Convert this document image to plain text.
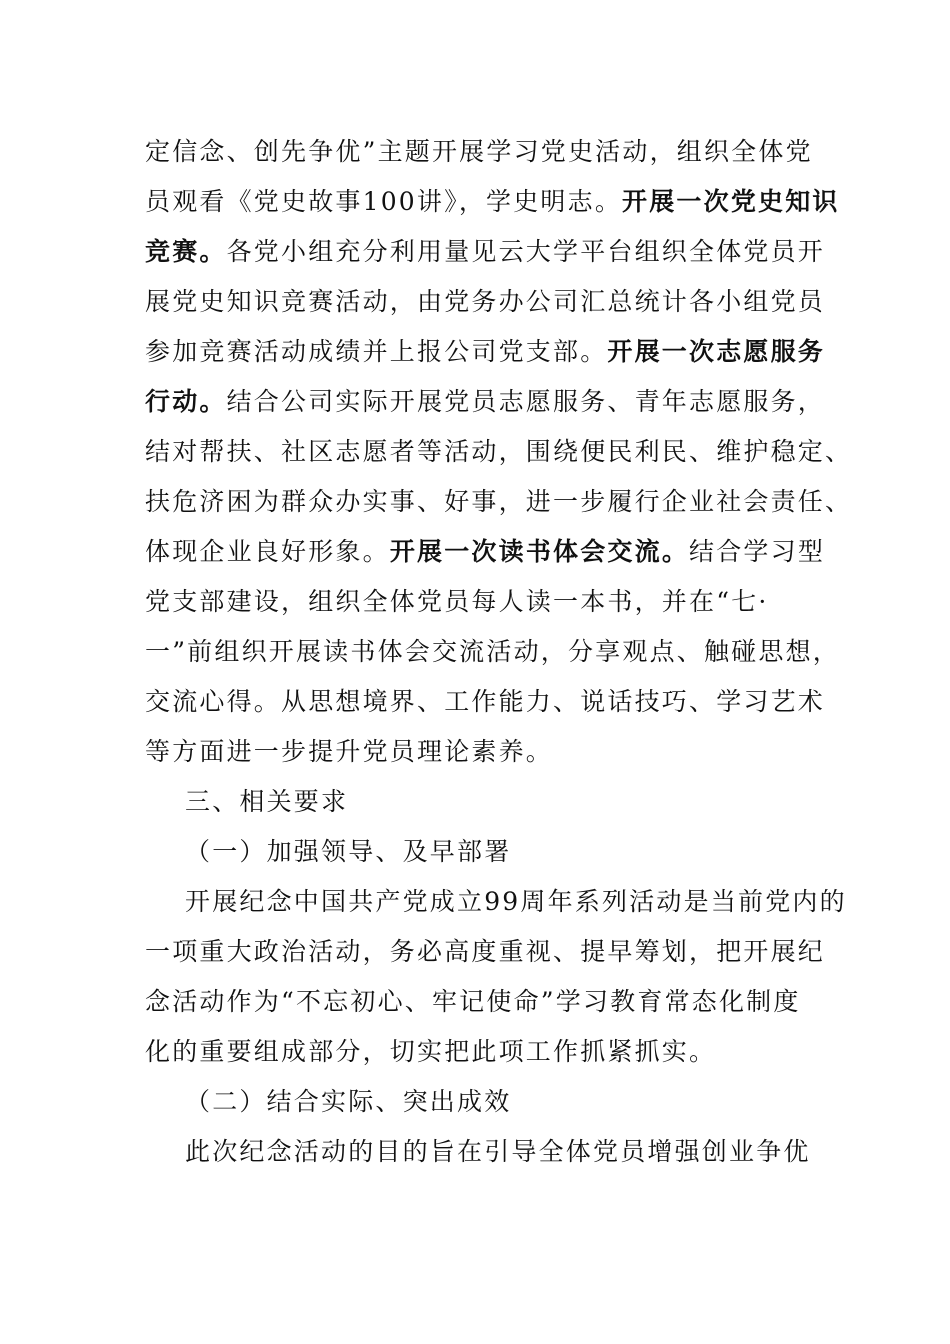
定信念、创先争优”主题开展学习党史活动，组织全体党
员观看《党史故事100讲》，学史明志。开展一次党史知识
竞赛。各党小组充分利用量见云大学平台组织全体党员开
展党史知识竞赛活动，由党务办公司汇总统计各小组党员
参加竞赛活动成绩并上报公司党支部。开展一次志愿服务
行动。结合公司实际开展党员志愿服务、青年志愿服务，
结对帮扶、社区志愿者等活动，围绕便民利民、维护稳定、
扶危济困为群众办实事、好事，进一步履行企业社会责任、
体现企业良好形象。开展一次读书体会交流。结合学习型
党支部建设，组织全体党员每人读一本书，并在“七·
一”前组织开展读书体会交流活动，分享观点、触碰思想，
交流心得。从思想境界、工作能力、说话技巧、学习艺术
等方面进一步提升党员理论素养。
三、相关要求
（一）加强领导、及早部署
开展纪念中国共产党成立99周年系列活动是当前党内的
一项重大政治活动，务必高度重视、提早筹划，把开展纪
念活动作为“不忘初心、牢记使命”学习教育常态化制度
化的重要组成部分，切实把此项工作抓紧抓实。
（二）结合实际、突出成效
此次纪念活动的目的旨在引导全体党员增强创业争优
